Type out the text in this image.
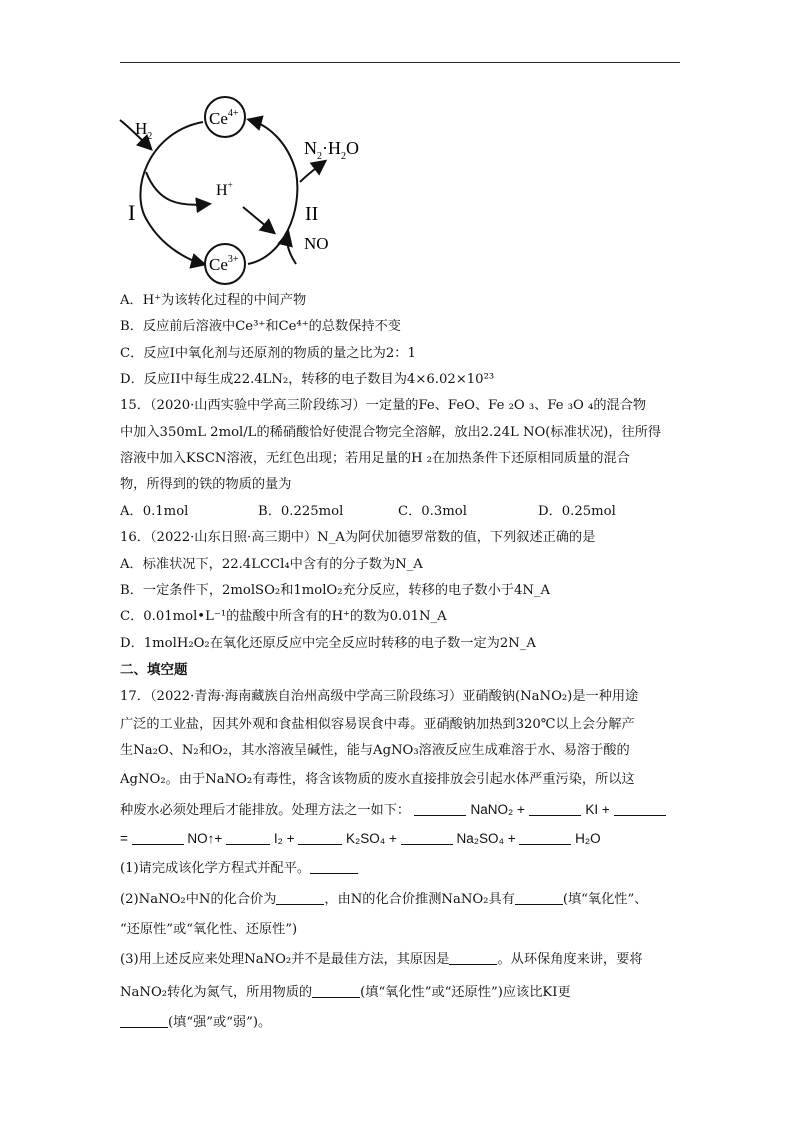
$Ce^{4+}$
$Ce^{3+}$
$H_2$
H+
I	II
$N_2\cdot H_2O$
NO
A．H⁺为该转化过程的中间产物
B．反应前后溶液中Ce³⁺和Ce⁴⁺的总数保持不变
C．反应I中氧化剂与还原剂的物质的量之比为2：1
D．反应II中每生成22.4LN₂，转移的电子数目为4×6.02×10²³
15．（2020·山西实验中学高三阶段练习）一定量的Fe、FeO、Fe ₂O ₃、Fe ₃O ₄的混合物
中加入350mL 2mol/L的稀硝酸恰好使混合物完全溶解，放出2.24L NO(标准状况)，往所得
溶液中加入KSCN溶液，无红色出现；若用足量的H ₂在加热条件下还原相同质量的混合
物，所得到的铁的物质的量为
A．0.1mol	B．0.225mol	C．0.3mol	D．0.25mol
16．（2022·山东日照·高三期中）N_A为阿伏加德罗常数的值，下列叙述正确的是
A．标准状况下，22.4LCCl₄中含有的分子数为N_A
B．一定条件下，2molSO₂和1molO₂充分反应，转移的电子数小于4N_A
C．0.01mol•L⁻¹的盐酸中所含有的H⁺的数为0.01N_A
D．1molH₂O₂在氧化还原反应中完全反应时转移的电子数一定为2N_A
二、填空题
17．（2022·青海·海南藏族自治州高级中学高三阶段练习）亚硝酸钠(NaNO₂)是一种用途
广泛的工业盐，因其外观和食盐相似容易误食中毒。亚硝酸钠加热到320℃以上会分解产
生Na₂O、N₂和O₂，其水溶液呈碱性，能与AgNO₃溶液反应生成难溶于水、易溶于酸的
AgNO₂。由于NaNO₂有毒性，将含该物质的废水直接排放会引起水体严重污染，所以这
种废水必须处理后才能排放。处理方法之一如下：	NaNO₂ +	KI +
=	NO↑+	I₂ +	K₂SO₄ +	Na₂SO₄ +	H₂O
(1)请完成该化学方程式并配平。
(2)NaNO₂中N的化合价为	，由N的化合价推测NaNO₂具有	(填“氧化性”、
“还原性”或“氧化性、还原性”)
(3)用上述反应来处理NaNO₂并不是最佳方法，其原因是	。从环保角度来讲，要将
NaNO₂转化为氮气，所用物质的	(填“氧化性”或“还原性”)应该比KI更
(填“强”或“弱”)。
